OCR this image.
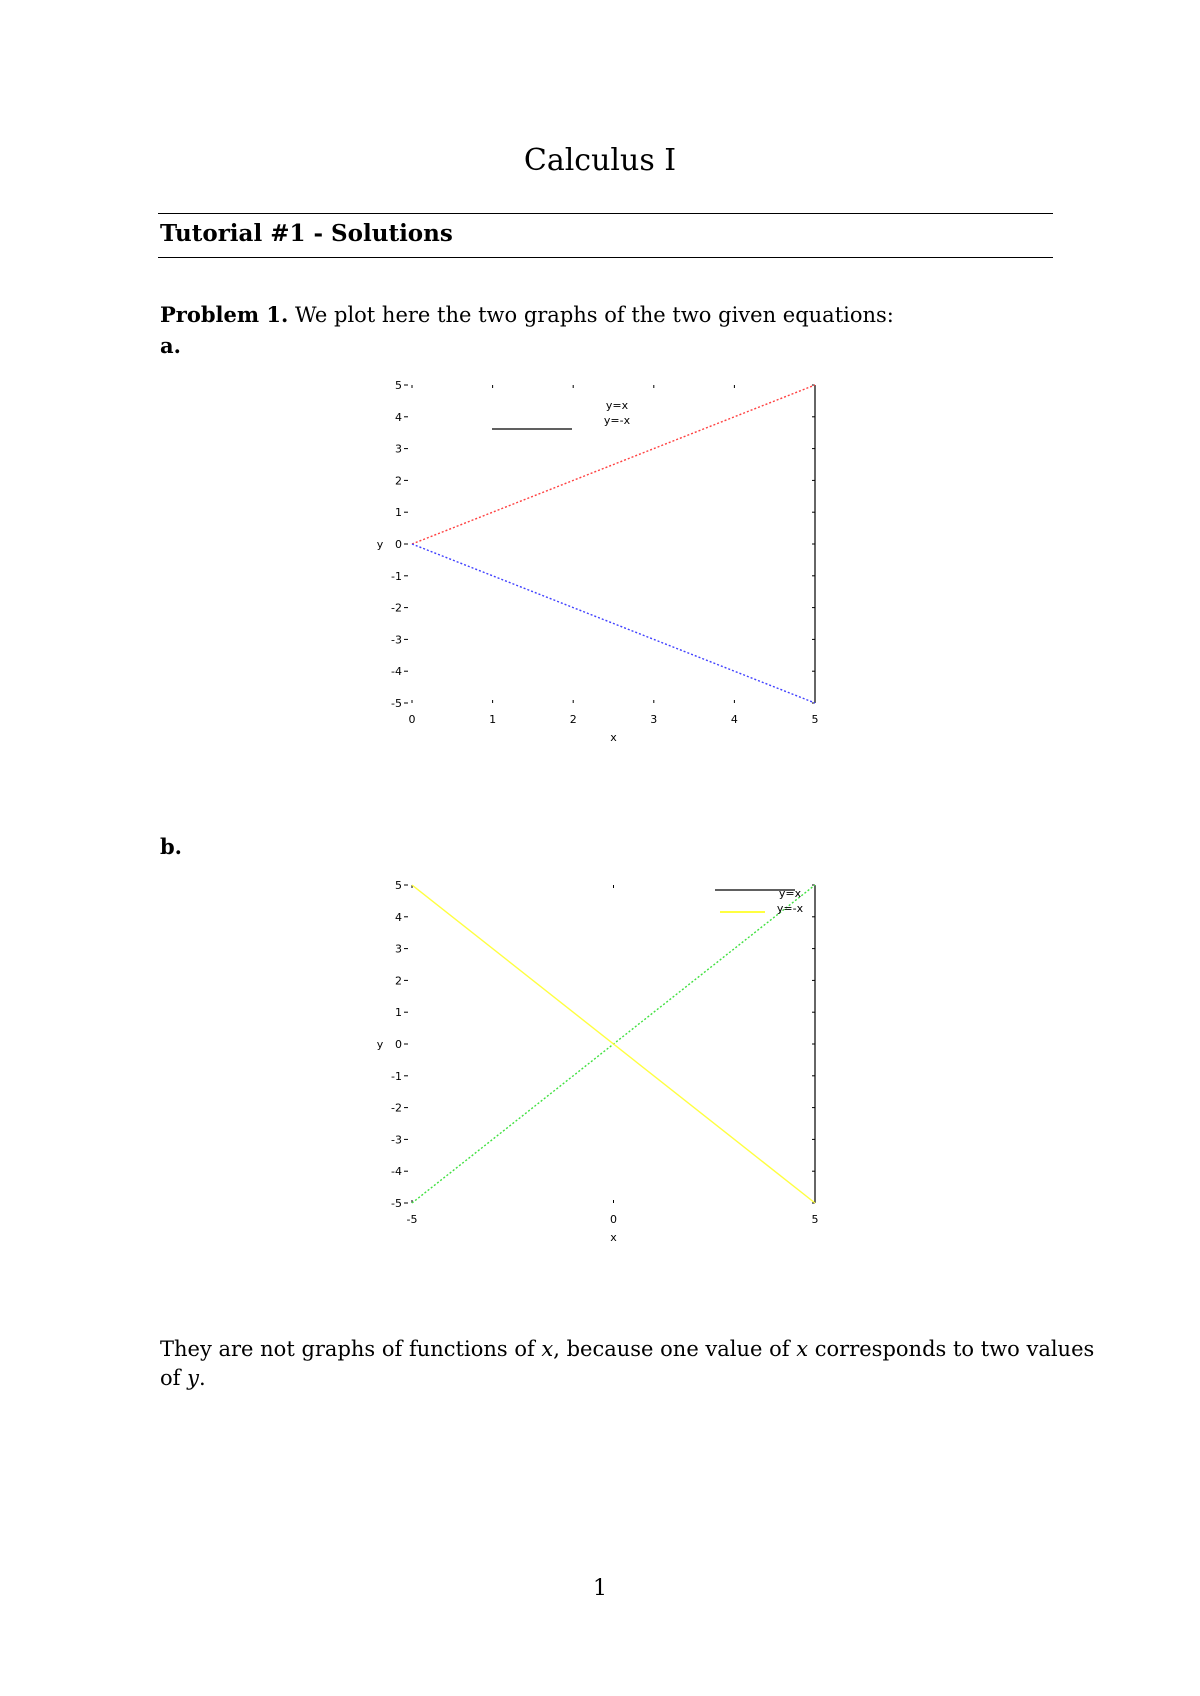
Calculus I
Tutorial #1 - Solutions
Problem 1. We plot here the two graphs of the two given equations:
a.
5
4
3
2
1
0
-1
-2
-3
-4
-5
0	1	2	3	4	5
x
y
y=x
y=-x
b.
5
4
3
2
1
0
-1
-2
-3
-4
-5
-5	0	5
x
y
y=x
y=-x
They are not graphs of functions of x, because one value of x corresponds to two values
of y.
1
